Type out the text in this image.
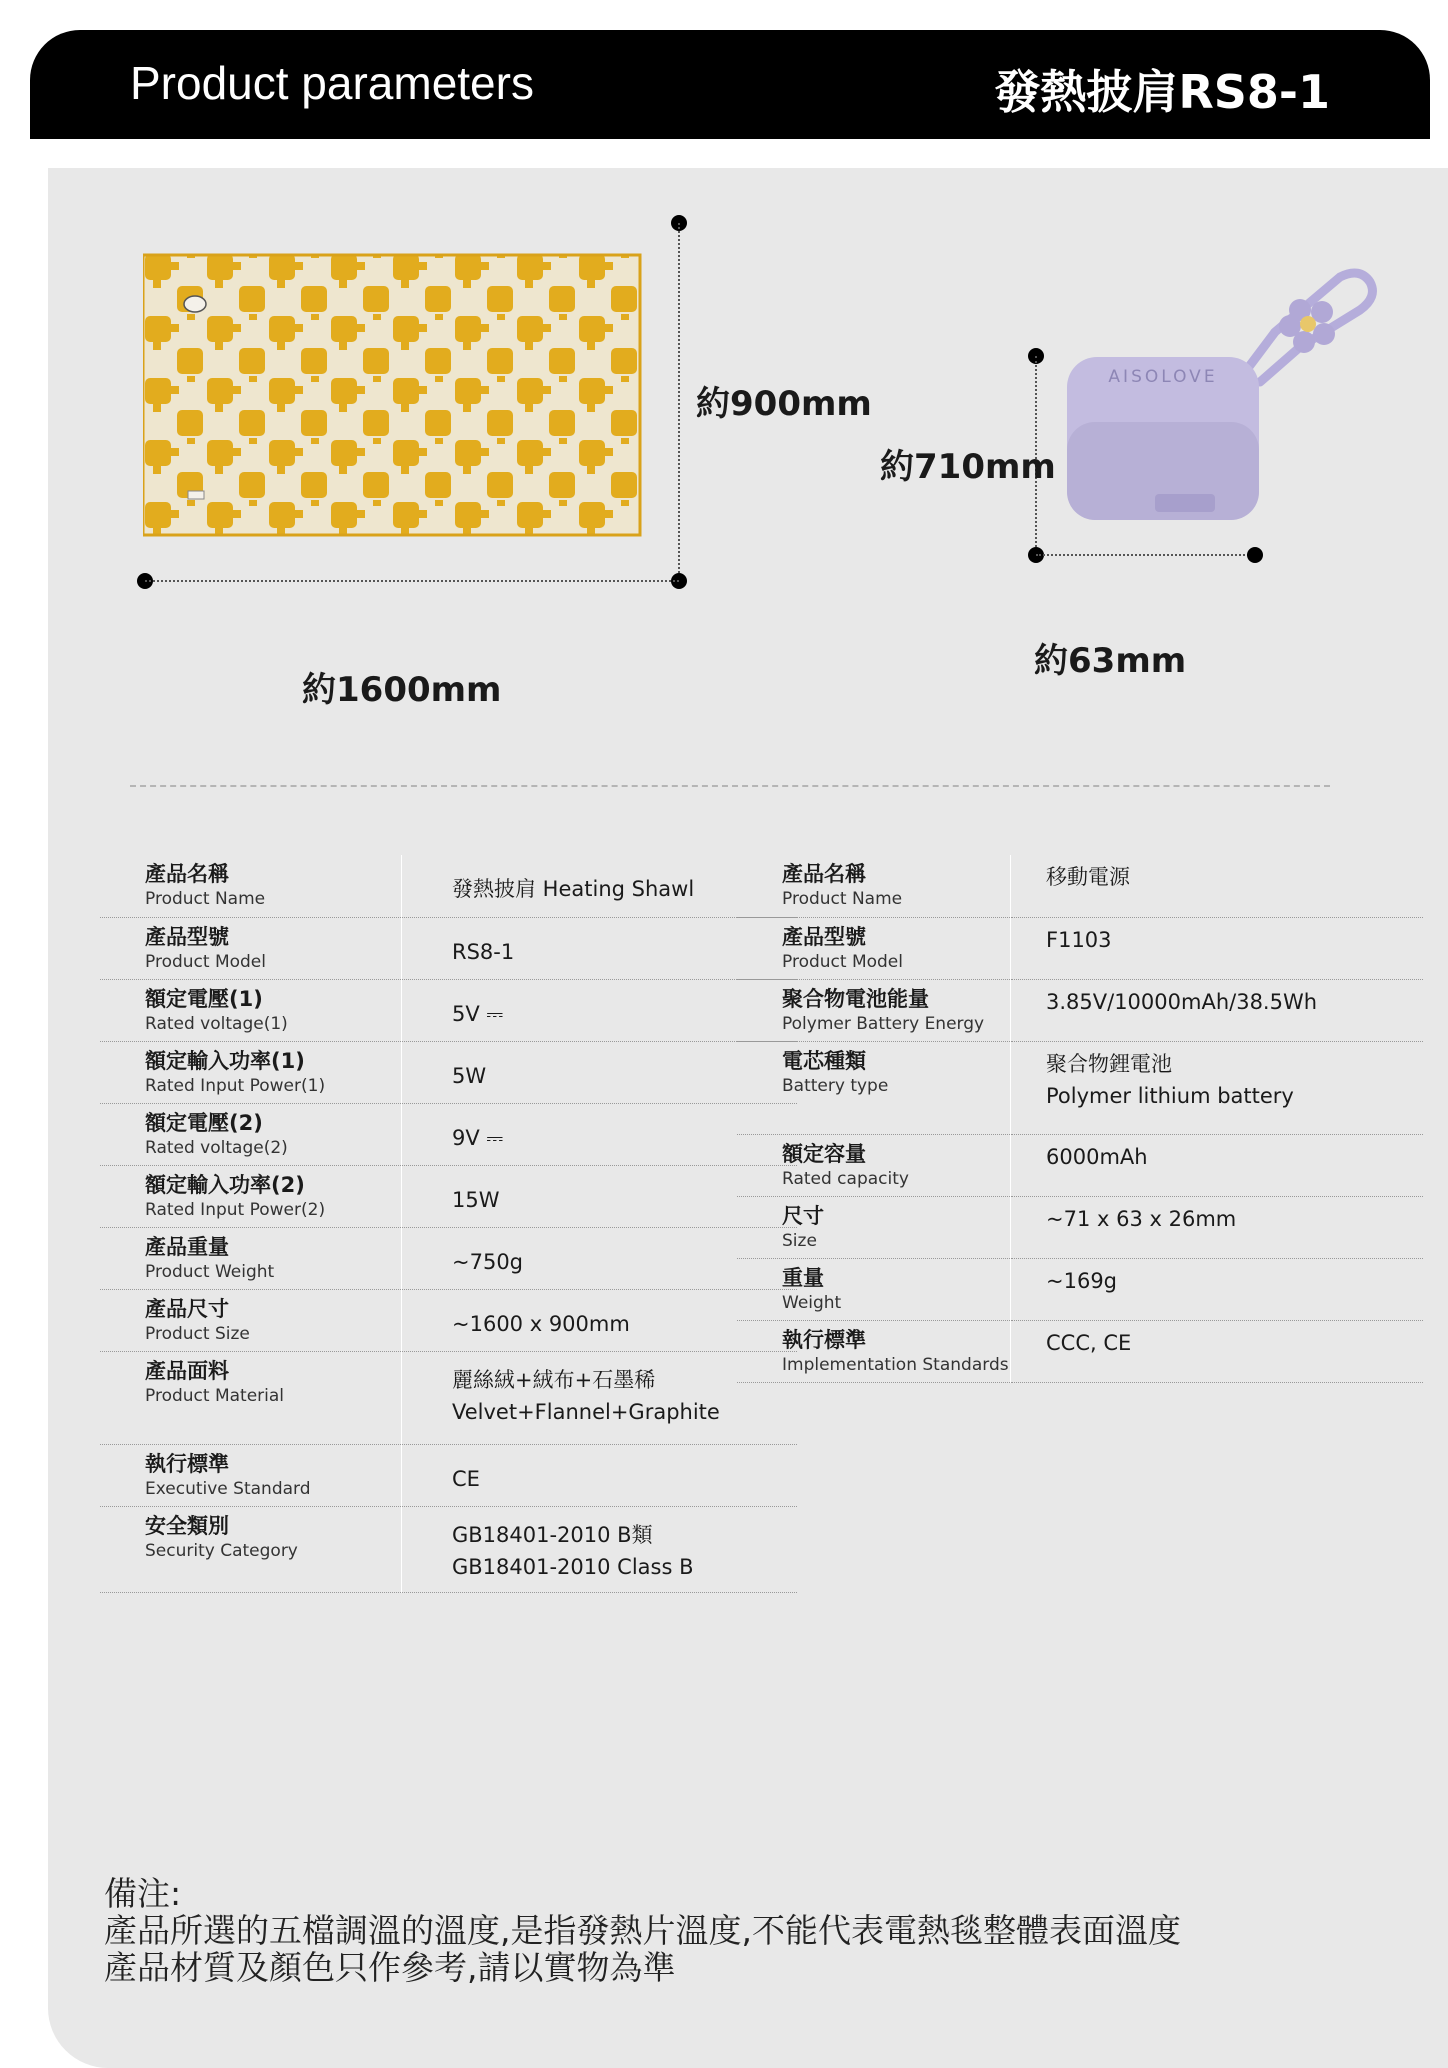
Product parameters	發熱披肩RS8-1
約900mm
約1600mm
AISOLOVE
約710mm
約63mm
產品名稱
Product Name	發熱披肩 Heating Shawl

產品型號
Product Model	RS8-1

額定電壓(1)
Rated voltage(1)	5V ⎓

額定輸入功率(1)
Rated Input Power(1)	5W

額定電壓(2)
Rated voltage(2)	9V ⎓

額定輸入功率(2)
Rated Input Power(2)	15W

產品重量
Product Weight	~750g

產品尺寸
Product Size	~1600 x 900mm

產品面料
Product Material	麗絲絨+絨布+石墨稀
Velvet+Flannel+Graphite

執行標準
Executive Standard	CE

安全類別
Security Category	GB18401-2010 B類
GB18401-2010 Class B
產品名稱
Product Name	移動電源

產品型號
Product Model	F1103

聚合物電池能量
Polymer Battery Energy	3.85V/10000mAh/38.5Wh

電芯種類
Battery type	聚合物鋰電池
Polymer lithium battery

額定容量
Rated capacity	6000mAh

尺寸
Size	~71 x 63 x 26mm

重量
Weight	~169g

執行標準
Implementation Standards	CCC, CE
備注:
產品所選的五檔調溫的溫度,是指發熱片溫度,不能代表電熱毯整體表面溫度
產品材質及顏色只作參考,請以實物為準
